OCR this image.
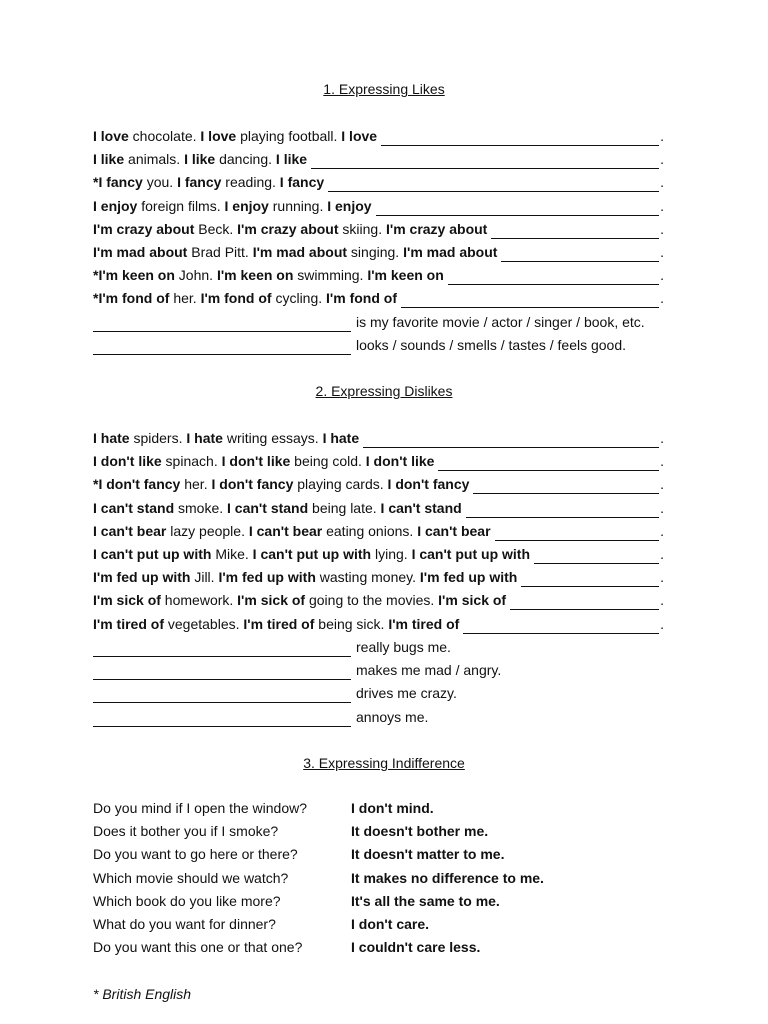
1. Expressing Likes
I love chocolate. I love playing football. I love	.
I like animals. I like dancing. I like	.
*I fancy you. I fancy reading. I fancy	.
I enjoy foreign films. I enjoy running. I enjoy	.
I'm crazy about Beck. I'm crazy about skiing. I'm crazy about	.
I'm mad about Brad Pitt. I'm mad about singing. I'm mad about	.
*I'm keen on John. I'm keen on swimming. I'm keen on	.
*I'm fond of her. I'm fond of cycling. I'm fond of	.
is my favorite movie / actor / singer / book, etc.
looks / sounds / smells / tastes / feels good.
2. Expressing Dislikes
I hate spiders. I hate writing essays. I hate	.
I don't like spinach. I don't like being cold. I don't like	.
*I don't fancy her. I don't fancy playing cards. I don't fancy	.
I can't stand smoke. I can't stand being late. I can't stand	.
I can't bear lazy people. I can't bear eating onions. I can't bear	.
I can't put up with Mike. I can't put up with lying. I can't put up with	.
I'm fed up with Jill. I'm fed up with wasting money. I'm fed up with	.
I'm sick of homework. I'm sick of going to the movies. I'm sick of	.
I'm tired of vegetables. I'm tired of being sick. I'm tired of	.
really bugs me.
makes me mad / angry.
drives me crazy.
annoys me.
3. Expressing Indifference
Do you mind if I open the window?	I don't mind.
Does it bother you if I smoke?	It doesn't bother me.
Do you want to go here or there?	It doesn't matter to me.
Which movie should we watch?	It makes no difference to me.
Which book do you like more?	It's all the same to me.
What do you want for dinner?	I don't care.
Do you want this one or that one?	I couldn't care less.
* British English
